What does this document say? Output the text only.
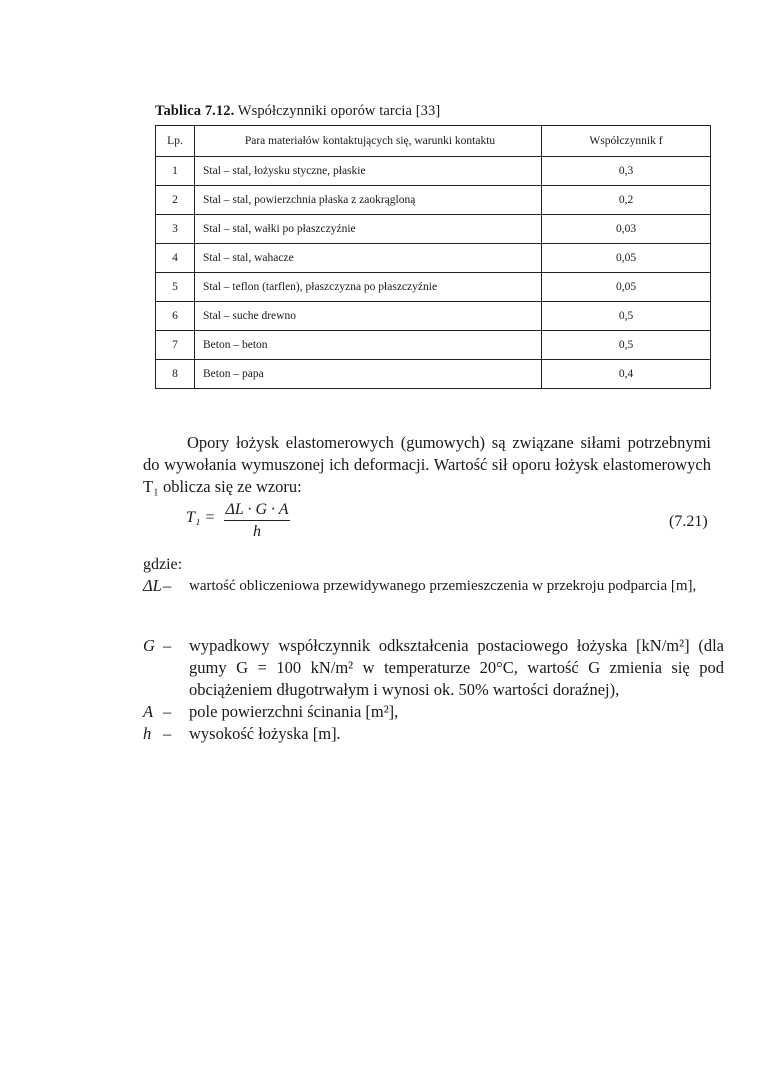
Tablica 7.12. Współczynniki oporów tarcia [33]
Lp.	Para materiałów kontaktujących się, warunki kontaktu	Współczynnik f
1	Stal – stal, łożysku styczne, płaskie	0,3
2	Stal – stal, powierzchnia płaska z zaokrągloną	0,2
3	Stal – stal, wałki po płaszczyźnie	0,03
4	Stal – stal, wahacze	0,05
5	Stal – teflon (tarflen), płaszczyzna po płaszczyźnie	0,05
6	Stal – suche drewno	0,5
7	Beton – beton	0,5
8	Beton – papa	0,4
Opory łożysk elastomerowych (gumowych) są związane siłami potrzebnymi do wywołania wymuszonej ich deformacji. Wartość sił oporu łożysk elastomerowych T₁ oblicza się ze wzoru:
$T_1 = \frac{\Delta L \cdot G \cdot A}{h}$	(7.21)
gdzie:
ΔL – wartość obliczeniowa przewidywanego przemieszczenia w przekroju podparcia [m],
G – wypadkowy współczynnik odkształcenia postaciowego łożyska [kN/m²] (dla gumy G = 100 kN/m² w temperaturze 20°C, wartość G zmienia się pod obciążeniem długotrwałym i wynosi ok. 50% wartości doraźnej),
A – pole powierzchni ścinania [m²],
h – wysokość łożyska [m].
